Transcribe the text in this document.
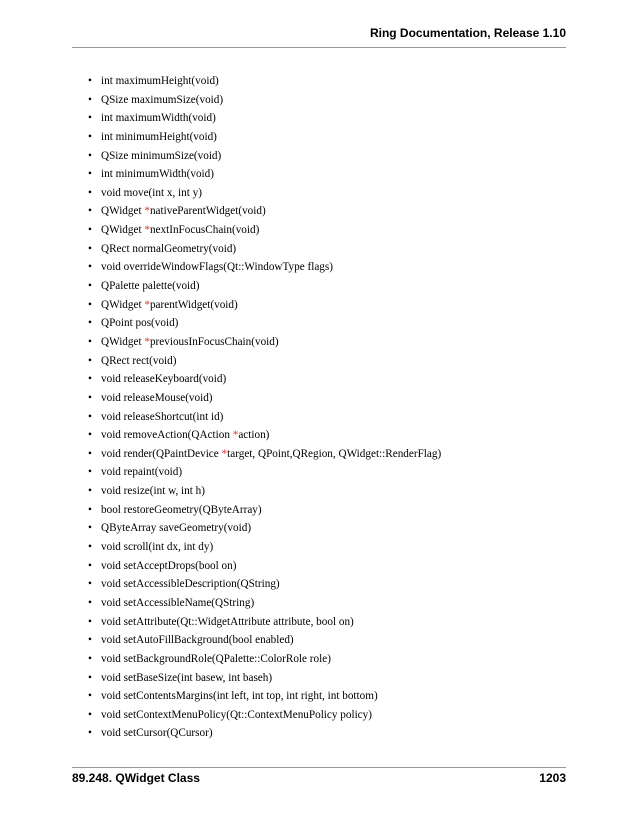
Ring Documentation, Release 1.10
• int maximumHeight(void)
• QSize maximumSize(void)
• int maximumWidth(void)
• int minimumHeight(void)
• QSize minimumSize(void)
• int minimumWidth(void)
• void move(int x, int y)
• QWidget *nativeParentWidget(void)
• QWidget *nextInFocusChain(void)
• QRect normalGeometry(void)
• void overrideWindowFlags(Qt::WindowType flags)
• QPalette palette(void)
• QWidget *parentWidget(void)
• QPoint pos(void)
• QWidget *previousInFocusChain(void)
• QRect rect(void)
• void releaseKeyboard(void)
• void releaseMouse(void)
• void releaseShortcut(int id)
• void removeAction(QAction *action)
• void render(QPaintDevice *target, QPoint,QRegion, QWidget::RenderFlag)
• void repaint(void)
• void resize(int w, int h)
• bool restoreGeometry(QByteArray)
• QByteArray saveGeometry(void)
• void scroll(int dx, int dy)
• void setAcceptDrops(bool on)
• void setAccessibleDescription(QString)
• void setAccessibleName(QString)
• void setAttribute(Qt::WidgetAttribute attribute, bool on)
• void setAutoFillBackground(bool enabled)
• void setBackgroundRole(QPalette::ColorRole role)
• void setBaseSize(int basew, int baseh)
• void setContentsMargins(int left, int top, int right, int bottom)
• void setContextMenuPolicy(Qt::ContextMenuPolicy policy)
• void setCursor(QCursor)
89.248. QWidget Class	1203
